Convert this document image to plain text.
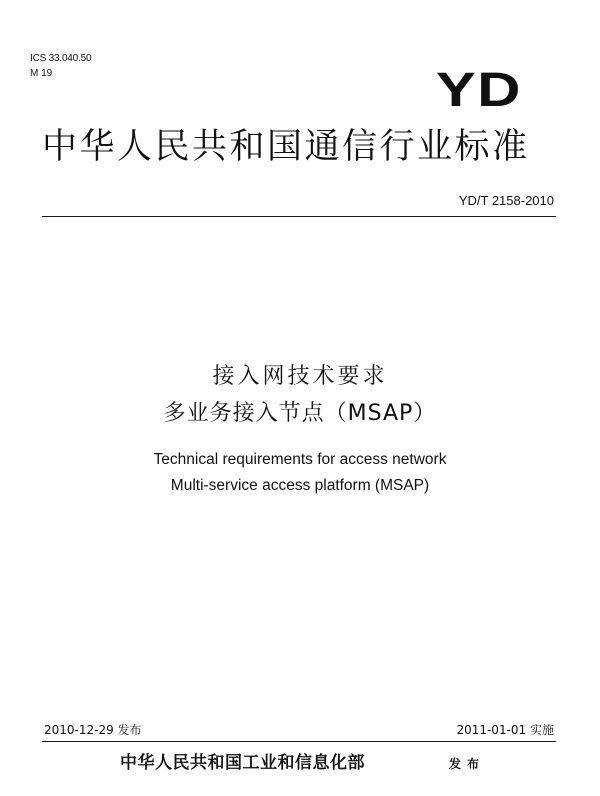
ICS 33.040.50
M 19	YD
中华人民共和国通信行业标准
YD/T 2158-2010
接入网技术要求
多业务接入节点（MSAP）
Technical requirements for access network
Multi-service access platform (MSAP)
2010-12-29 发布	2011-01-01 实施
中华人民共和国工业和信息化部	发布
